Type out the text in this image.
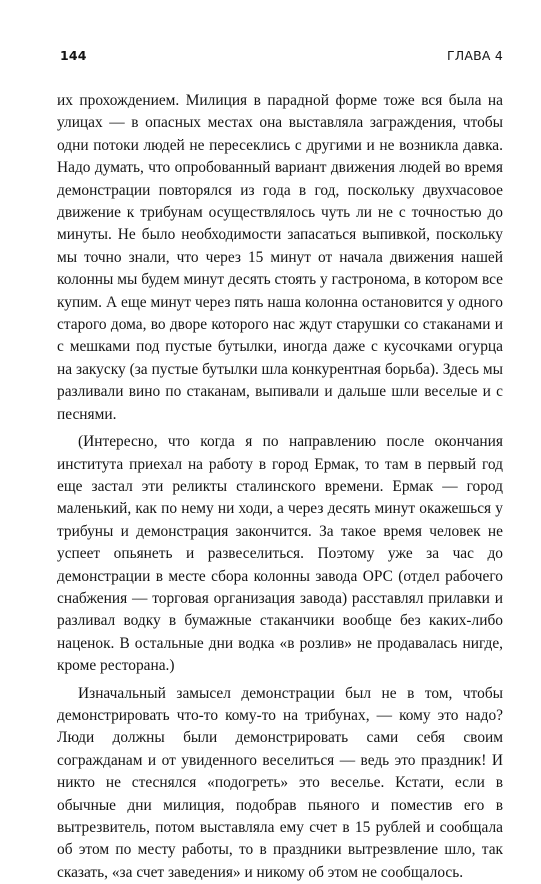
144	ГЛАВА 4

их прохождением. Милиция в парадной форме тоже вся была на улицах — в опасных местах она выставляла заграждения, чтобы одни потоки людей не пересеклись с другими и не возникла давка. Надо думать, что опробованный вариант движения людей во время демонстрации повторялся из года в год, поскольку двухчасовое движение к трибунам осуществлялось чуть ли не с точностью до минуты. Не было необходимости запасаться выпивкой, поскольку мы точно знали, что через 15 минут от начала движения нашей колонны мы будем минут десять стоять у гастронома, в котором все купим. А еще минут через пять наша колонна остановится у одного старого дома, во дворе которого нас ждут старушки со стаканами и с мешками под пустые бутылки, иногда даже с кусочками огурца на закуску (за пустые бутылки шла конкурентная борьба). Здесь мы разливали вино по стаканам, выпивали и дальше шли веселые и с песнями.

(Интересно, что когда я по направлению после окончания института приехал на работу в город Ермак, то там в первый год еще застал эти реликты сталинского времени. Ермак — город маленький, как по нему ни ходи, а через десять минут окажешься у трибуны и демонстрация закончится. За такое время человек не успеет опьянеть и развеселиться. Поэтому уже за час до демонстрации в месте сбора колонны завода ОРС (отдел рабочего снабжения — торговая организация завода) расставлял прилавки и разливал водку в бумажные стаканчики вообще без каких-либо наценок. В остальные дни водка «в розлив» не продавалась нигде, кроме ресторана.)

Изначальный замысел демонстрации был не в том, чтобы демонстрировать что-то кому-то на трибунах, — кому это надо? Люди должны были демонстрировать сами себя своим согражданам и от увиденного веселиться — ведь это праздник! И никто не стеснялся «подогреть» это веселье. Кстати, если в обычные дни милиция, подобрав пьяного и поместив его в вытрезвитель, потом выставляла ему счет в 15 рублей и сообщала об этом по месту работы, то в праздники вытрезвление шло, так сказать, «за счет заведения» и никому об этом не сообщалось.
